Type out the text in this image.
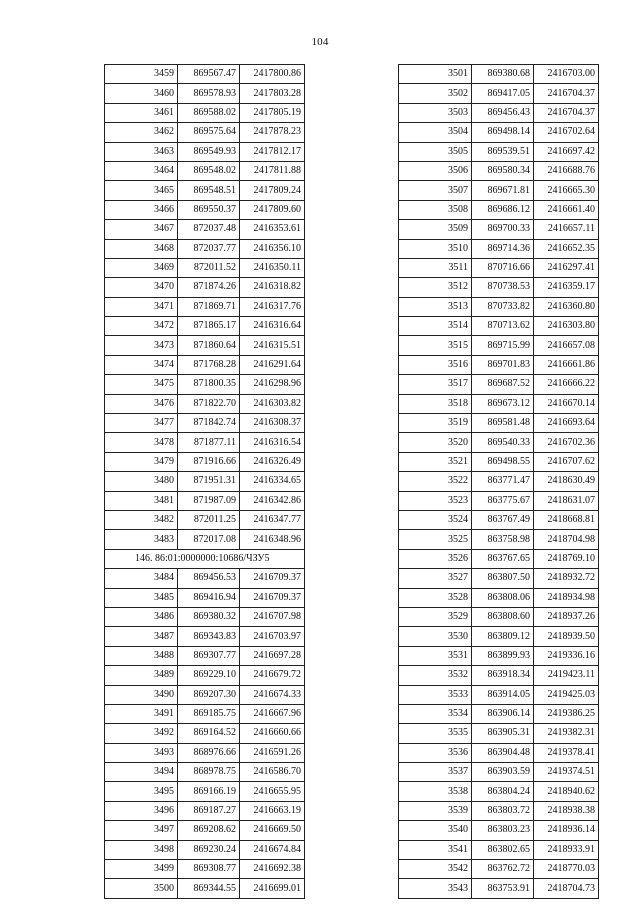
104
3459	869567.47	2417800.86
3460	869578.93	2417803.28
3461	869588.02	2417805.19
3462	869575.64	2417878.23
3463	869549.93	2417812.17
3464	869548.02	2417811.88
3465	869548.51	2417809.24
3466	869550.37	2417809.60
3467	872037.48	2416353.61
3468	872037.77	2416356.10
3469	872011.52	2416350.11
3470	871874.26	2416318.82
3471	871869.71	2416317.76
3472	871865.17	2416316.64
3473	871860.64	2416315.51
3474	871768.28	2416291.64
3475	871800.35	2416298.96
3476	871822.70	2416303.82
3477	871842.74	2416308.37
3478	871877.11	2416316.54
3479	871916.66	2416326.49
3480	871951.31	2416334.65
3481	871987.09	2416342.86
3482	872011.25	2416347.77
3483	872017.08	2416348.96
146. 86:01:0000000:10686/ЧЗУ5		
3484	869456.53	2416709.37
3485	869416.94	2416709.37
3486	869380.32	2416707.98
3487	869343.83	2416703.97
3488	869307.77	2416697.28
3489	869229.10	2416679.72
3490	869207.30	2416674.33
3491	869185.75	2416667.96
3492	869164.52	2416660.66
3493	868976.66	2416591.26
3494	868978.75	2416586.70
3495	869166.19	2416655.95
3496	869187.27	2416663.19
3497	869208.62	2416669.50
3498	869230.24	2416674.84
3499	869308.77	2416692.38
3500	869344.55	2416699.01
3501	869380.68	2416703.00
3502	869417.05	2416704.37
3503	869456.43	2416704.37
3504	869498.14	2416702.64
3505	869539.51	2416697.42
3506	869580.34	2416688.76
3507	869671.81	2416665.30
3508	869686.12	2416661.40
3509	869700.33	2416657.11
3510	869714.36	2416652.35
3511	870716.66	2416297.41
3512	870738.53	2416359.17
3513	870733.82	2416360.80
3514	870713.62	2416303.80
3515	869715.99	2416657.08
3516	869701.83	2416661.86
3517	869687.52	2416666.22
3518	869673.12	2416670.14
3519	869581.48	2416693.64
3520	869540.33	2416702.36
3521	869498.55	2416707.62
3522	863771.47	2418630.49
3523	863775.67	2418631.07
3524	863767.49	2418668.81
3525	863758.98	2418704.98
3526	863767.65	2418769.10
3527	863807.50	2418932.72
3528	863808.06	2418934.98
3529	863808.60	2418937.26
3530	863809.12	2418939.50
3531	863899.93	2419336.16
3532	863918.34	2419423.11
3533	863914.05	2419425.03
3534	863906.14	2419386.25
3535	863905.31	2419382.31
3536	863904.48	2419378.41
3537	863903.59	2419374.51
3538	863804.24	2418940.62
3539	863803.72	2418938.38
3540	863803.23	2418936.14
3541	863802.65	2418933.91
3542	863762.72	2418770.03
3543	863753.91	2418704.73
